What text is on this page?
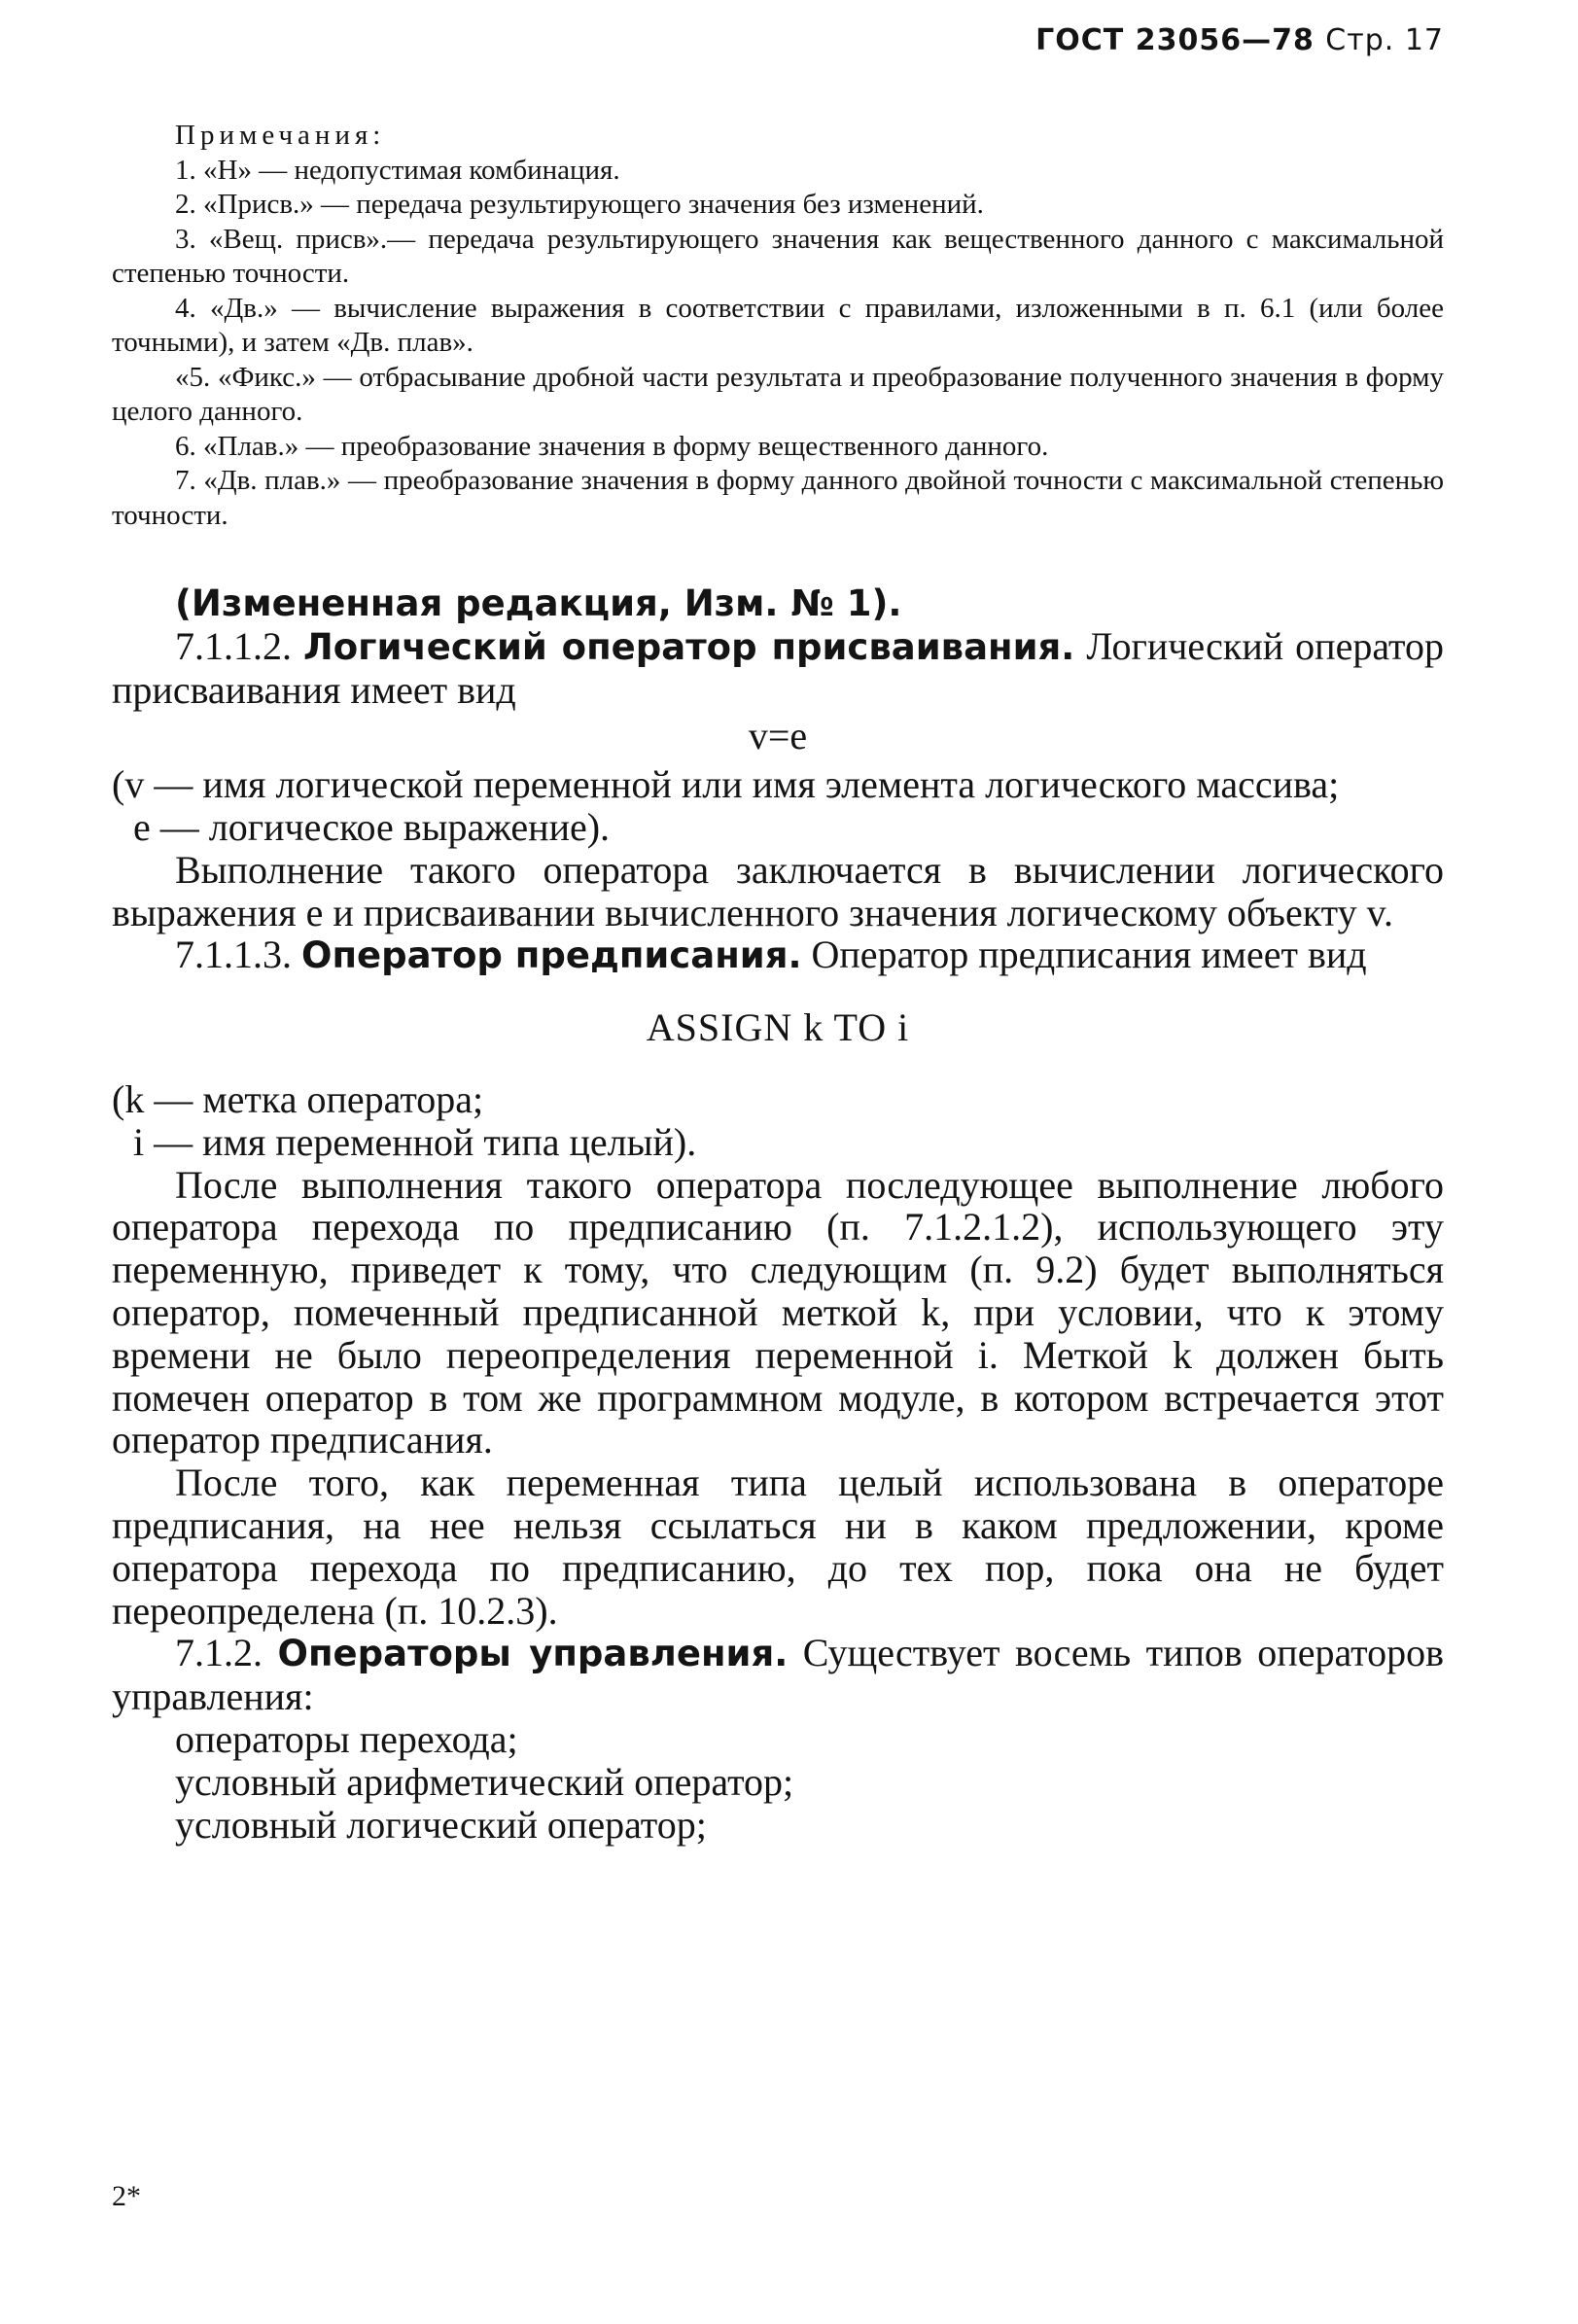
ГОСТ 23056—78 Стр. 17

Примечания:

1. «Н» — недопустимая комбинация.

2. «Присв.» — передача результирующего значения без изменений.

3. «Вещ. присв».— передача результирующего значения как вещественного данного с максимальной степенью точности.

4. «Дв.» — вычисление выражения в соответствии с правилами, изложенными в п. 6.1 (или более точными), и затем «Дв. плав».

«5. «Фикс.» — отбрасывание дробной части результата и преобразование полученного значения в форму целого данного.

6. «Плав.» — преобразование значения в форму вещественного данного.

7. «Дв. плав.» — преобразование значения в форму данного двойной точности с максимальной степенью точности.

(Измененная редакция, Изм. № 1).

7.1.1.2. Логический оператор присваивания. Логический оператор присваивания имеет вид

v=e

(v — имя логической переменной или имя элемента логического массива;

e — логическое выражение).

Выполнение такого оператора заключается в вычислении логического выражения e и присваивании вычисленного значения логическому объекту v.

7.1.1.3. Оператор предписания. Оператор предписания имеет вид

ASSIGN k TO i

(k — метка оператора;

i — имя переменной типа целый).

После выполнения такого оператора последующее выполнение любого оператора перехода по предписанию (п. 7.1.2.1.2), использующего эту переменную, приведет к тому, что следующим (п. 9.2) будет выполняться оператор, помеченный предписанной меткой k, при условии, что к этому времени не было переопределения переменной i. Меткой k должен быть помечен оператор в том же программном модуле, в котором встречается этот оператор предписания.

После того, как переменная типа целый использована в операторе предписания, на нее нельзя ссылаться ни в каком предложении, кроме оператора перехода по предписанию, до тех пор, пока она не будет переопределена (п. 10.2.3).

7.1.2. Операторы управления. Существует восемь типов операторов управления:

операторы перехода;

условный арифметический оператор;

условный логический оператор;

2*
